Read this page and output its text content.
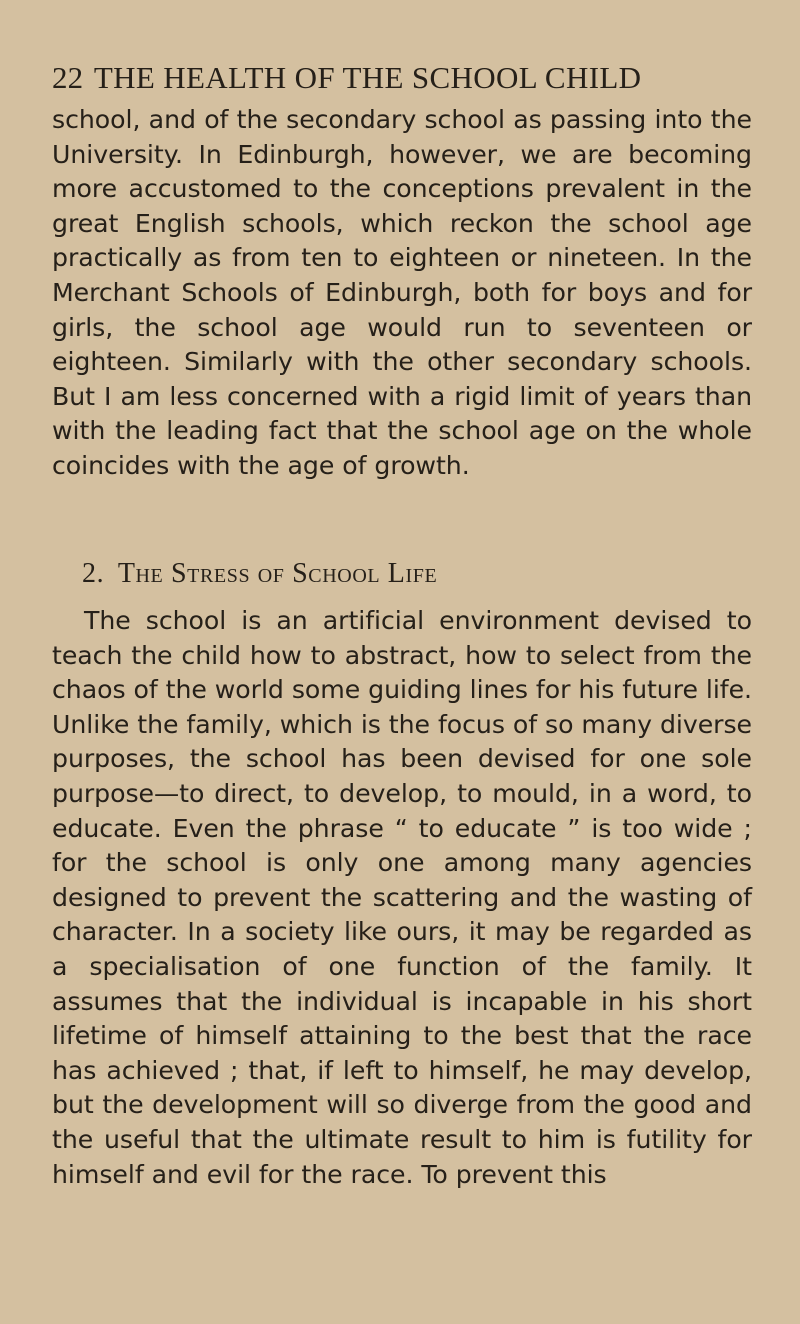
22 THE HEALTH OF THE SCHOOL CHILD

school, and of the secondary school as passing into the University. In Edinburgh, however, we are becoming more accustomed to the conceptions prevalent in the great English schools, which reckon the school age practically as from ten to eighteen or nineteen. In the Merchant Schools of Edinburgh, both for boys and for girls, the school age would run to seventeen or eighteen. Similarly with the other secondary schools. But I am less concerned with a rigid limit of years than with the leading fact that the school age on the whole coincides with the age of growth.

2. The Stress of School Life

The school is an artificial environment devised to teach the child how to abstract, how to select from the chaos of the world some guiding lines for his future life. Unlike the family, which is the focus of so many diverse purposes, the school has been devised for one sole purpose—to direct, to develop, to mould, in a word, to educate. Even the phrase “ to educate ” is too wide ; for the school is only one among many agencies designed to prevent the scattering and the wasting of character. In a society like ours, it may be regarded as a specialisation of one function of the family. It assumes that the individual is incapable in his short lifetime of himself attaining to the best that the race has achieved ; that, if left to himself, he may develop, but the development will so diverge from the good and the useful that the ultimate result to him is futility for himself and evil for the race. To prevent this
